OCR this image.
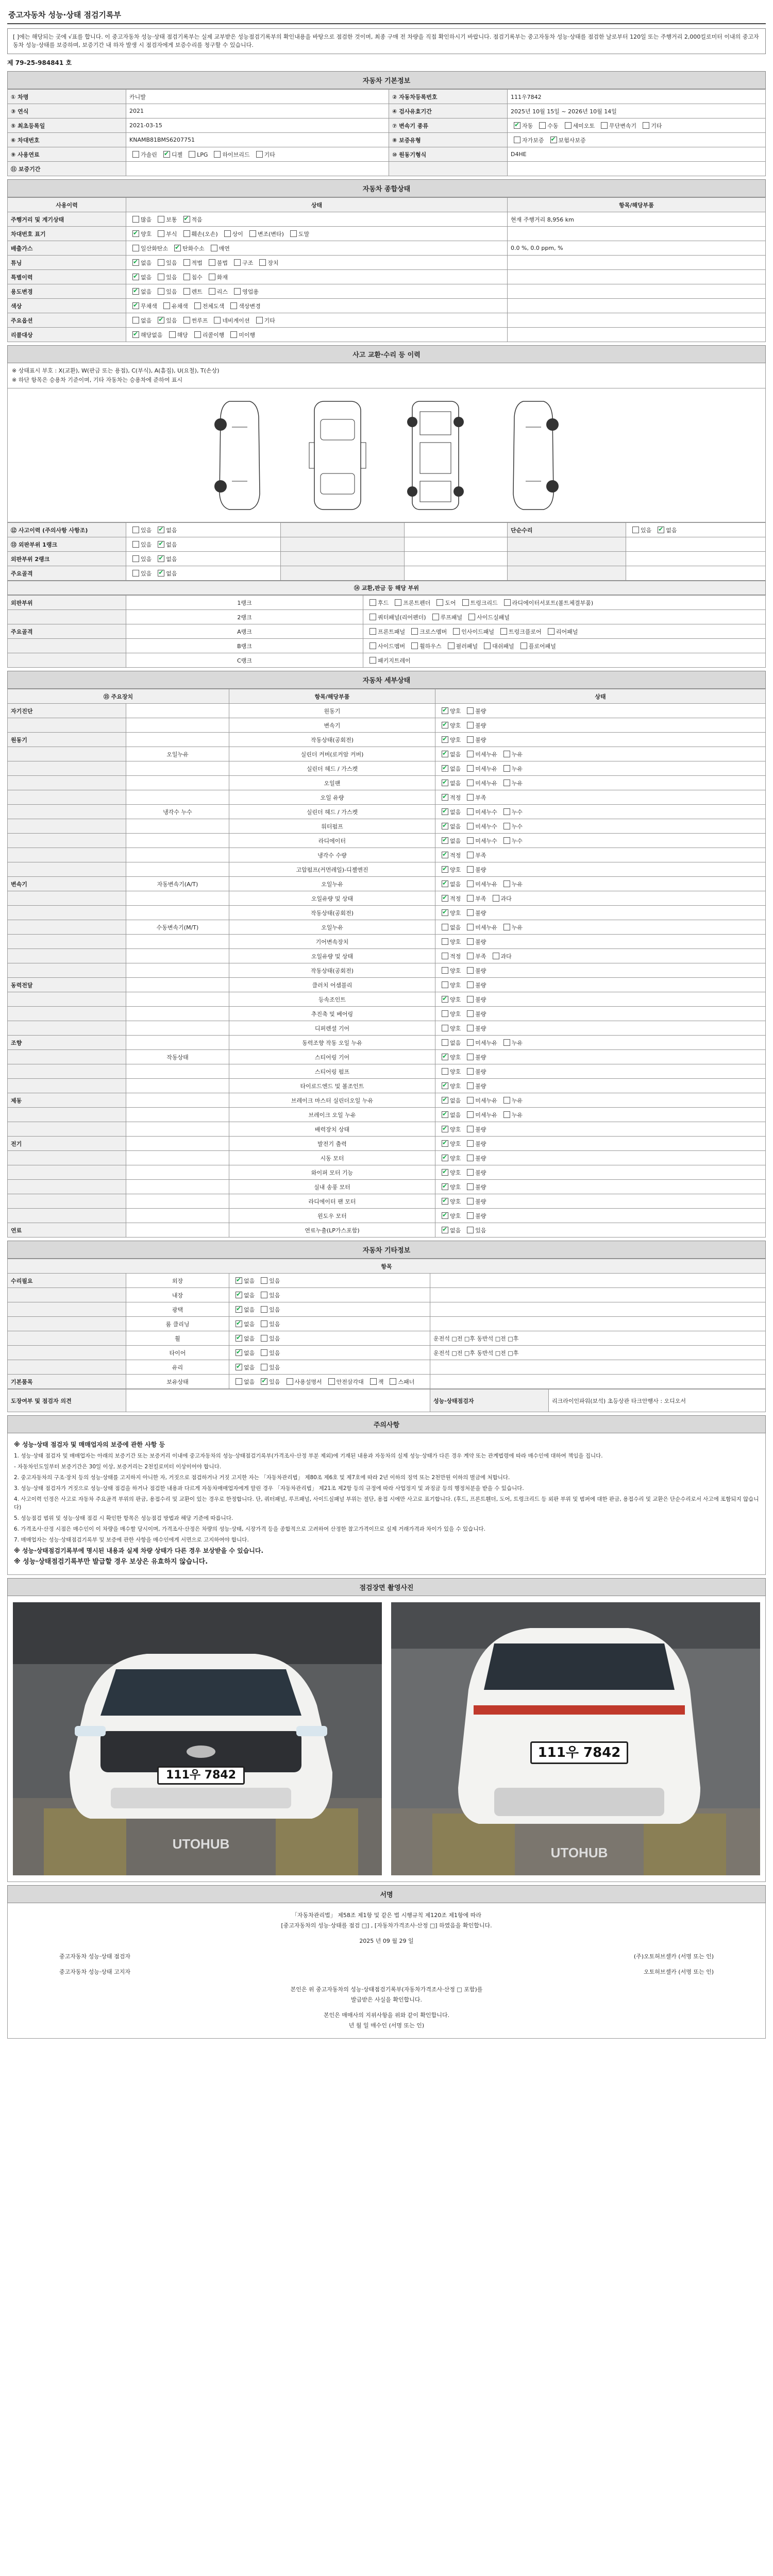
중고자동차 성능·상태 점검기록부
[ ]에는 해당되는 곳에 √표를 합니다. 이 중고자동차 성능·상태 점검기록부는 실제 교부받은 성능점검기록부의 확인내용을 바탕으로 점검한 것이며, 최종 구매 전 차량을 직접 확인하시기 바랍니다. 점검기록부는 중고자동차 성능·상태를 점검한 날로부터 120일 또는 주행거리 2,000킬로미터 이내의 중고자동차 성능·상태를 보증하며, 보증기간 내 하자 발생 시 점검자에게 보증수리를 청구할 수 있습니다.
제 79-25-984841 호
자동차 기본정보
① 차명	카니발	② 자동차등록번호	111우7842
③ 연식	2021	④ 검사유효기간	2025년 10월 15일 ~ 2026년 10월 14일
⑤ 최초등록일	2021-03-15	⑦ 변속기 종류	✔자동 수동 세미오토 무단변속기 기타
⑥ 차대번호	KNAMB81BMS6207751	⑧ 보증유형	자가보증 ✔ 보험사보증
⑨ 사용연료	가솔린 ✔ 디젤 LPG 하이브리드 기타	⑩ 원동기형식	D4HE
⑪ 보증기간			
자동차 종합상태
사용이력	상태	항목/해당부품
주행거리 및 계기상태	많음 보통 ✔ 적음	현재 주행거리 8,956 km
차대번호 표기	✔양호 부식 훼손(오손) 상이 변조(변타) 도말	
배출가스	일산화탄소 ✔ 탄화수소 매연	0.0 %, 0.0 ppm, %
튜닝	✔없음 있음 적법 불법 구조 장치	
특별이력	✔없음 있음 침수 화재	
용도변경	✔없음 있음 렌트 리스 영업용	
색상	✔무채색 유채색 전체도색 색상변경	
주요옵션	없음 ✔ 있음 썬루프 네비게이션 기타	
리콜대상	✔해당없음 해당 리콜이행 미이행	
사고 교환·수리 등 이력
※ 상태표시 부호 : X(교환), W(판금 또는 용접), C(부식), A(흠집), U(요철), T(손상)
※ 하단 항목은 승용차 기준이며, 기타 자동차는 승용차에 준하여 표시
⑫ 사고이력 (주의사항 사항조)	있음 ✔ 없음			단순수리	있음 ✔ 없음
⑬ 외판부위 1랭크	있음 ✔ 없음				
외판부위 2랭크	있음 ✔ 없음				
주요골격	있음 ✔ 없음				
⑭ 교환,판금 등 해당 부위
외판부위	1랭크	후드 프론트펜더 도어 트렁크리드 라디에이터서포트(볼트체결부품)
	2랭크	쿼터패널(리어펜더) 루프패널 사이드실패널
주요골격	A랭크	프론트패널 크로스멤버 인사이드패널 트렁크플로어 리어패널
	B랭크	사이드멤버 휠하우스 필러패널 대쉬패널 플로어패널
	C랭크	패키지트레이
자동차 세부상태
⑮ 주요장치		항목/해당부품	상태
자기진단		원동기	✔양호 불량
		변속기	✔양호 불량
원동기		작동상태(공회전)	✔양호 불량
	오일누유	실린더 커버(로커암 커버)	✔없음 미세누유 누유
		실린더 헤드 / 가스켓	✔없음 미세누유 누유
		오일팬	✔없음 미세누유 누유
		오일 유량	✔적정 부족
	냉각수 누수	실린더 헤드 / 가스켓	✔없음 미세누수 누수
		워터펌프	✔없음 미세누수 누수
		라디에이터	✔없음 미세누수 누수
		냉각수 수량	✔적정 부족
		고압펌프(커먼레일)-디젤엔진	✔양호 불량
변속기	자동변속기(A/T)	오일누유	✔없음 미세누유 누유
		오일유량 및 상태	✔적정 부족 과다
		작동상태(공회전)	✔양호 불량
	수동변속기(M/T)	오일누유	없음 미세누유 누유
		기어변속장치	양호 불량
		오일유량 및 상태	적정 부족 과다
		작동상태(공회전)	양호 불량
동력전달		클러치 어셈블리	양호 불량
		등속조인트	✔양호 불량
		추진축 및 베어링	양호 불량
		디퍼렌셜 기어	양호 불량
조향		동력조향 작동 오일 누유	없음 미세누유 누유
	작동상태	스티어링 기어	✔양호 불량
		스티어링 펌프	양호 불량
		타이로드엔드 및 볼조인트	✔양호 불량
제동		브레이크 마스터 실린더오일 누유	✔없음 미세누유 누유
		브레이크 오일 누유	✔없음 미세누유 누유
		배력장치 상태	✔양호 불량
전기		발전기 출력	✔양호 불량
		시동 모터	✔양호 불량
		와이퍼 모터 기능	✔양호 불량
		실내 송풍 모터	✔양호 불량
		라디에이터 팬 모터	✔양호 불량
		윈도우 모터	✔양호 불량
연료		연료누출(LP가스포함)	✔없음 있음
자동차 기타정보
항목			
수리필요	외장	✔없음 있음	
	내장	✔없음 있음	
	광택	✔없음 있음	
	룸 클리닝	✔없음 있음	
	휠	✔없음 있음	운전석 □전 □후 동반석 □전 □후
	타이어	✔없음 있음	운전석 □전 □후 동반석 □전 □후
	유리	✔없음 있음	
기본품목	보유상태	없음 ✔ 있음 사용설명서 안전삼각대 잭 스패너	
도장여부 및 점검자 의견		성능·상태점검자	리크라이인파워(보석) 초등상관 타크안행사 : 오디오서
주의사항
※ 성능·상태 점검자 및 매매업자의 보증에 관한 사항 등

1. 성능·상태 점검자 및 매매업자는 아래의 보증기간 또는 보증거리 이내에 중고자동차의 성능·상태점검기록부(가격조사·산정 부분 제외)에 기재된 내용과 자동차의 실제 성능·상태가 다른 경우 계약 또는 관계법령에 따라 매수인에 대하여 책임을 집니다.

- 자동차인도일부터 보증기간은 30일 이상, 보증거리는 2천킬로미터 이상이어야 합니다.

2. 중고자동차의 구조·장치 등의 성능·상태를 고지하지 아니한 자, 거짓으로 점검하거나 거짓 고지한 자는 「자동차관리법」 제80조 제6호 및 제7호에 따라 2년 이하의 징역 또는 2천만원 이하의 벌금에 처합니다.

3. 성능·상태 점검자가 거짓으로 성능·상태 점검을 하거나 점검한 내용과 다르게 자동차매매업자에게 알린 경우 「자동차관리법」 제21조 제2항 등의 규정에 따라 사업정지 및 과징금 등의 행정처분을 받을 수 있습니다.

4. 사고이력 인정은 사고로 자동차 주요골격 부위의 판금, 용접수리 및 교환이 있는 경우로 한정합니다. 단, 쿼터패널, 루프패널, 사이드실패널 부위는 절단, 용접 시에만 사고로 표기합니다. (후드, 프론트휀더, 도어, 트렁크리드 등 외판 부위 및 범퍼에 대한 판금, 용접수리 및 교환은 단순수리로서 사고에 포함되지 않습니다)

5. 성능점검 범위 및 성능·상태 점검 시 확인한 항목은 성능점검 방법과 해당 기준에 따릅니다.

6. 가격조사·산정 시점은 매수인이 이 차량을 매수할 당시이며, 가격조사·산정은 차량의 성능·상태, 시장가격 등을 종합적으로 고려하여 산정한 참고가격이므로 실제 거래가격과 차이가 있을 수 있습니다.

7. 매매업자는 성능·상태점검기록부 및 보증에 관한 사항을 매수인에게 서면으로 고지하여야 합니다.

※ 성능·상태점검기록부에 명시된 내용과 실제 차량 상태가 다른 경우 보상받을 수 있습니다.
※ 성능·상태점검기록부만 발급할 경우 보상은 유효하지 않습니다.
점검장면 촬영사진
UTOHUB
111우 7842
UTOHUB
111우 7842
서명
「자동차관리법」 제58조 제1항 및 같은 법 시행규칙 제120조 제1항에 따라
[중고자동차의 성능·상태를 점검 □] , [자동차가격조사·산정 □] 하였음을 확인합니다.
2025 년 09 월 29 일
중고자동차 성능·상태 점검자	(주)오토허브셀카 (서명 또는 인)
중고자동차 성능·상태 고지자	오토허브셀카 (서명 또는 인)
본인은 위 중고자동차의 성능·상태점검기록부(자동차가격조사·산정 □ 포함)를
발급받은 사실을 확인합니다.
본인은 매매사의 지위사항을 위와 같이 확인합니다.
년 월 일 매수인 (서명 또는 인)
